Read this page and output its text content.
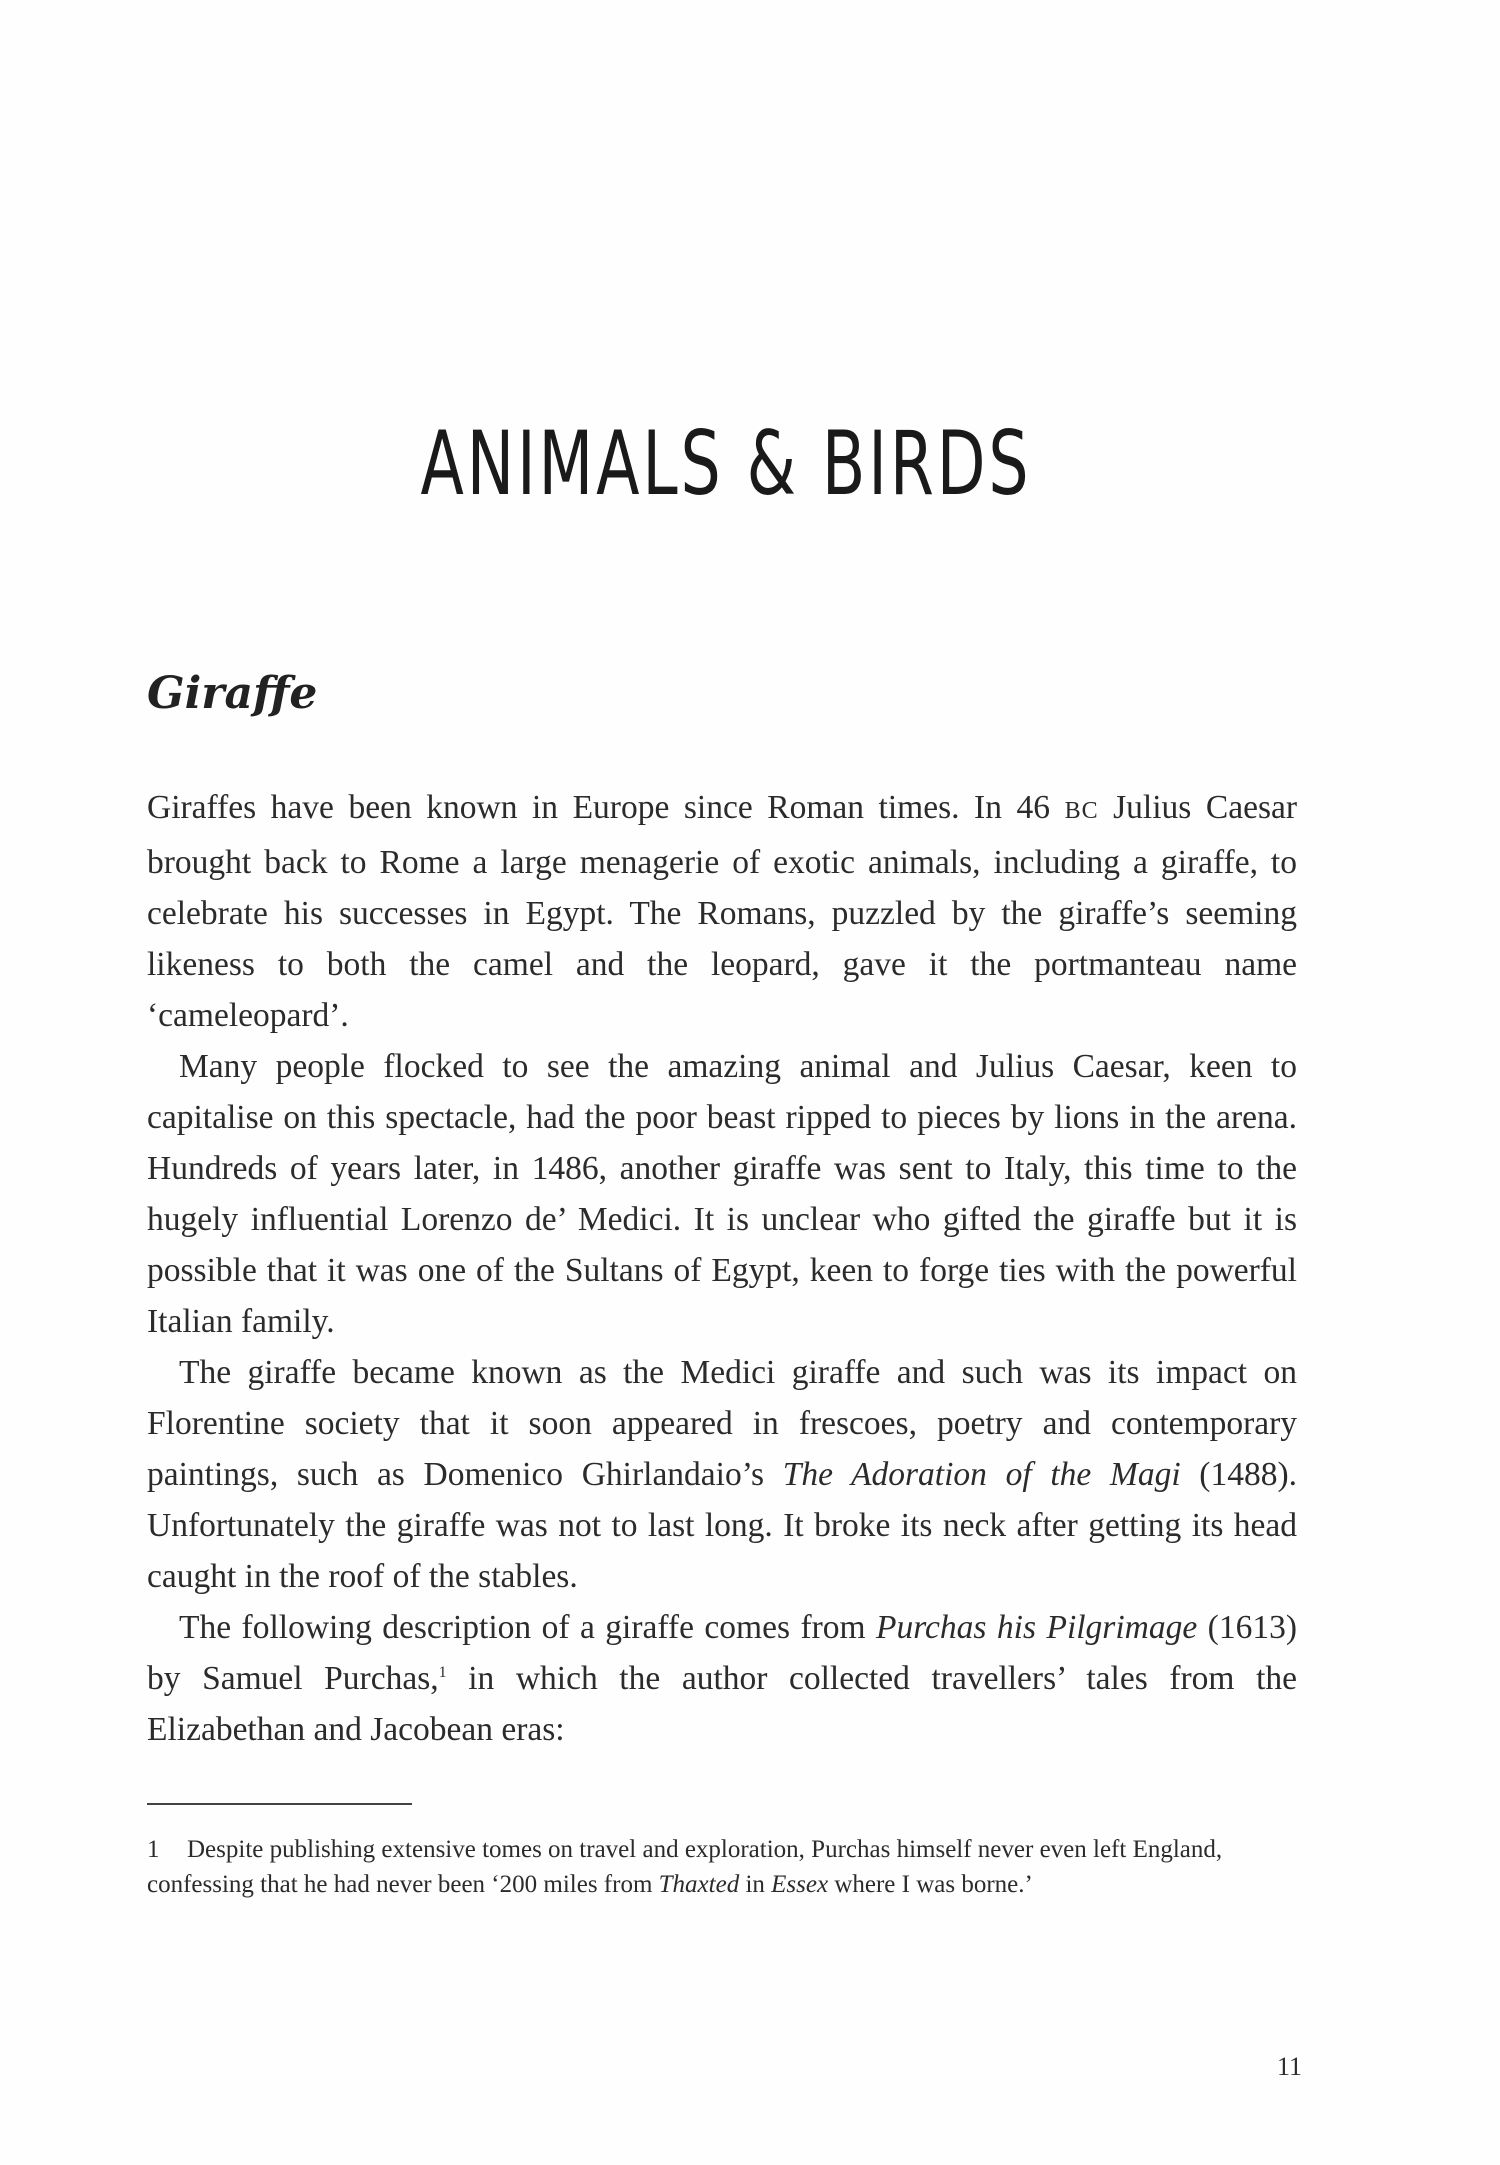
ANIMALS & BIRDS
Giraffe

Giraffes have been known in Europe since Roman times. In 46 BC Julius Caesar brought back to Rome a large menagerie of exotic animals, including a giraffe, to celebrate his successes in Egypt. The Romans, puzzled by the giraffe’s seeming likeness to both the camel and the leopard, gave it the portmanteau name ‘cameleopard’.

Many people flocked to see the amazing animal and Julius Caesar, keen to capitalise on this spectacle, had the poor beast ripped to pieces by lions in the arena. Hundreds of years later, in 1486, another giraffe was sent to Italy, this time to the hugely influential Lorenzo de’ Medici. It is unclear who gifted the giraffe but it is possible that it was one of the Sultans of Egypt, keen to forge ties with the powerful Italian family.

The giraffe became known as the Medici giraffe and such was its impact on Florentine society that it soon appeared in frescoes, poetry and contemporary paintings, such as Domenico Ghirlandaio’s The Adoration of the Magi (1488). Unfortunately the giraffe was not to last long. It broke its neck after getting its head caught in the roof of the stables.

The following description of a giraffe comes from Purchas his Pilgrimage (1613) by Samuel Purchas,$^1$ in which the author collected travellers’ tales from the Elizabethan and Jacobean eras:

1 Despite publishing extensive tomes on travel and exploration, Purchas himself never even left England, confessing that he had never been ‘200 miles from Thaxted in Essex where I was borne.’
11
